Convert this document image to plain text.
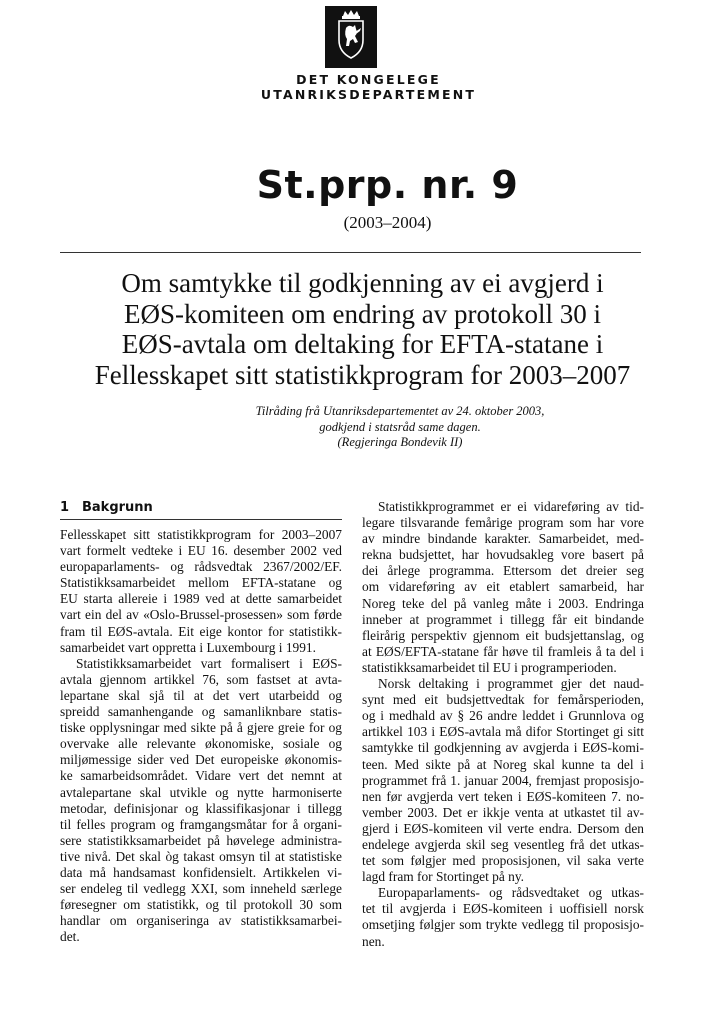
DET KONGELEGE
UTANRIKSDEPARTEMENT
St.prp. nr. 9
(2003–2004)
Om samtykke til godkjenning av ei avgjerd i
EØS-komiteen om endring av protokoll 30 i
EØS-avtala om deltaking for EFTA-statane i
Fellesskapet sitt statistikkprogram for 2003–2007
Tilråding frå Utanriksdepartementet av 24. oktober 2003,
godkjend i statsråd same dagen.
(Regjeringa Bondevik II)
1 Bakgrunn
Fellesskapet sitt statistikkprogram for 2003–2007
vart formelt vedteke i EU 16. desember 2002 ved
europaparlaments- og rådsvedtak 2367/2002/EF.
Statistikksamarbeidet mellom EFTA-statane og
EU starta allereie i 1989 ved at dette samarbeidet
vart ein del av «Oslo-Brussel-prosessen» som førde
fram til EØS-avtala. Eit eige kontor for statistikk-
samarbeidet vart oppretta i Luxembourg i 1991.
Statistikksamarbeidet vart formalisert i EØS-
avtala gjennom artikkel 76, som fastset at avta-
lepartane skal sjå til at det vert utarbeidd og
spreidd samanhengande og samanliknbare statis-
tiske opplysningar med sikte på å gjere greie for og
overvake alle relevante økonomiske, sosiale og
miljømessige sider ved Det europeiske økonomis-
ke samarbeidsområdet. Vidare vert det nemnt at
avtalepartane skal utvikle og nytte harmoniserte
metodar, definisjonar og klassifikasjonar i tillegg
til felles program og framgangsmåtar for å organi-
sere statistikksamarbeidet på høvelege administra-
tive nivå. Det skal òg takast omsyn til at statistiske
data må handsamast konfidensielt. Artikkelen vi-
ser endeleg til vedlegg XXI, som inneheld særlege
føresegner om statistikk, og til protokoll 30 som
handlar om organiseringa av statistikksamarbei-
det.
Statistikkprogrammet er ei vidareføring av tid-
legare tilsvarande femårige program som har vore
av mindre bindande karakter. Samarbeidet, med-
rekna budsjettet, har hovudsakleg vore basert på
dei årlege programma. Ettersom det dreier seg
om vidareføring av eit etablert samarbeid, har
Noreg teke del på vanleg måte i 2003. Endringa
inneber at programmet i tillegg får eit bindande
fleirårig perspektiv gjennom eit budsjettanslag, og
at EØS/EFTA-statane får høve til framleis å ta del i
statistikksamarbeidet til EU i programperioden.
Norsk deltaking i programmet gjer det naud-
synt med eit budsjettvedtak for femårsperioden,
og i medhald av § 26 andre leddet i Grunnlova og
artikkel 103 i EØS-avtala må difor Stortinget gi sitt
samtykke til godkjenning av avgjerda i EØS-komi-
teen. Med sikte på at Noreg skal kunne ta del i
programmet frå 1. januar 2004, fremjast proposisjo-
nen før avgjerda vert teken i EØS-komiteen 7. no-
vember 2003. Det er ikkje venta at utkastet til av-
gjerd i EØS-komiteen vil verte endra. Dersom den
endelege avgjerda skil seg vesentleg frå det utkas-
tet som følgjer med proposisjonen, vil saka verte
lagd fram for Stortinget på ny.
Europaparlaments- og rådsvedtaket og utkas-
tet til avgjerda i EØS-komiteen i uoffisiell norsk
omsetjing følgjer som trykte vedlegg til proposisjo-
nen.
